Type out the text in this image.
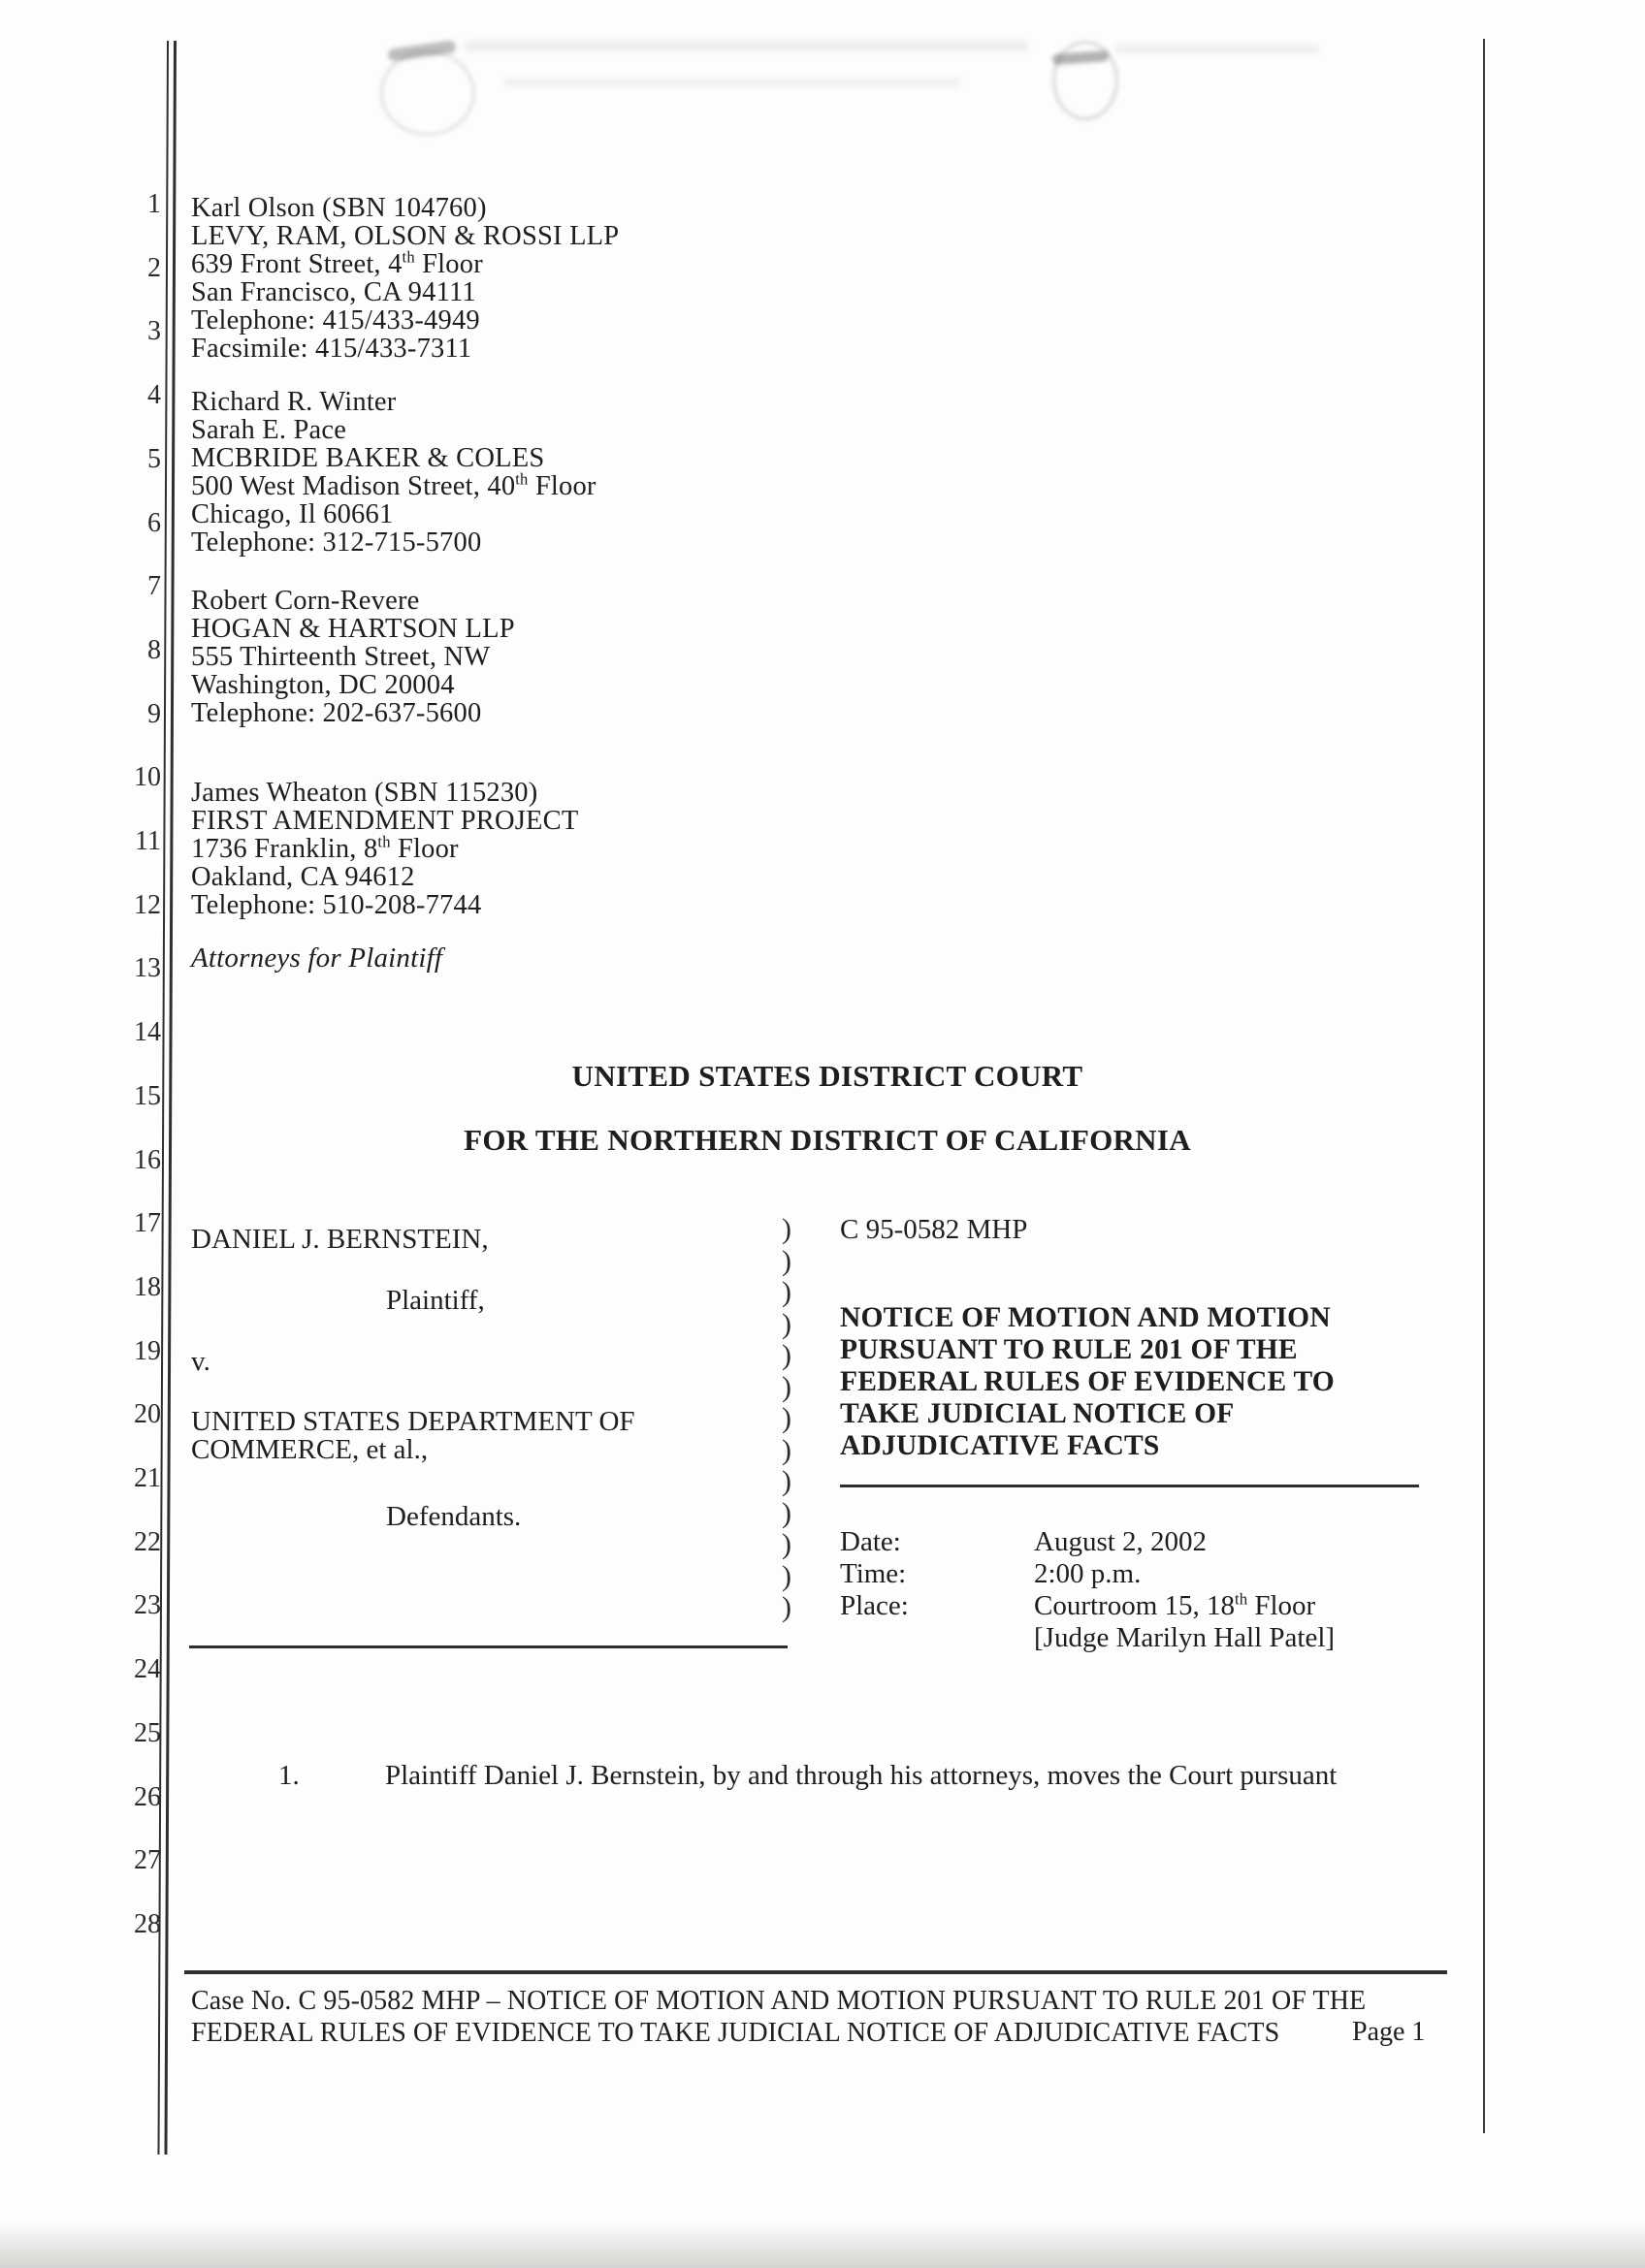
1
2
3
4
5
6
7
8
9
10
11
12
13
14
15
16
17
18
19
20
21
22
23
24
25
26
27
28
Karl Olson (SBN 104760)
LEVY, RAM, OLSON & ROSSI LLP
639 Front Street, 4th Floor
San Francisco, CA 94111
Telephone: 415/433-4949
Facsimile: 415/433-7311
Richard R. Winter
Sarah E. Pace
MCBRIDE BAKER & COLES
500 West Madison Street, 40th Floor
Chicago, Il 60661
Telephone: 312-715-5700
Robert Corn-Revere
HOGAN & HARTSON LLP
555 Thirteenth Street, NW
Washington, DC 20004
Telephone: 202-637-5600
James Wheaton (SBN 115230)
FIRST AMENDMENT PROJECT
1736 Franklin, 8th Floor
Oakland, CA 94612
Telephone: 510-208-7744
Attorneys for Plaintiff
UNITED STATES DISTRICT COURT
FOR THE NORTHERN DISTRICT OF CALIFORNIA
DANIEL J. BERNSTEIN,
Plaintiff,
v.
UNITED STATES DEPARTMENT OF
COMMERCE, et al.,
Defendants.
)
)
)
)
)
)
)
)
)
)
)
)
)
C 95-0582 MHP
NOTICE OF MOTION AND MOTION
PURSUANT TO RULE 201 OF THE
FEDERAL RULES OF EVIDENCE TO
TAKE JUDICIAL NOTICE OF
ADJUDICATIVE FACTS
Date:	August 2, 2002
Time:	2:00 p.m.
Place:	Courtroom 15, 18th Floor
[Judge Marilyn Hall Patel]
1.	Plaintiff Daniel J. Bernstein, by and through his attorneys, moves the Court pursuant
Case No. C 95-0582 MHP – NOTICE OF MOTION AND MOTION PURSUANT TO RULE 201 OF THE
FEDERAL RULES OF EVIDENCE TO TAKE JUDICIAL NOTICE OF ADJUDICATIVE FACTS	Page 1
